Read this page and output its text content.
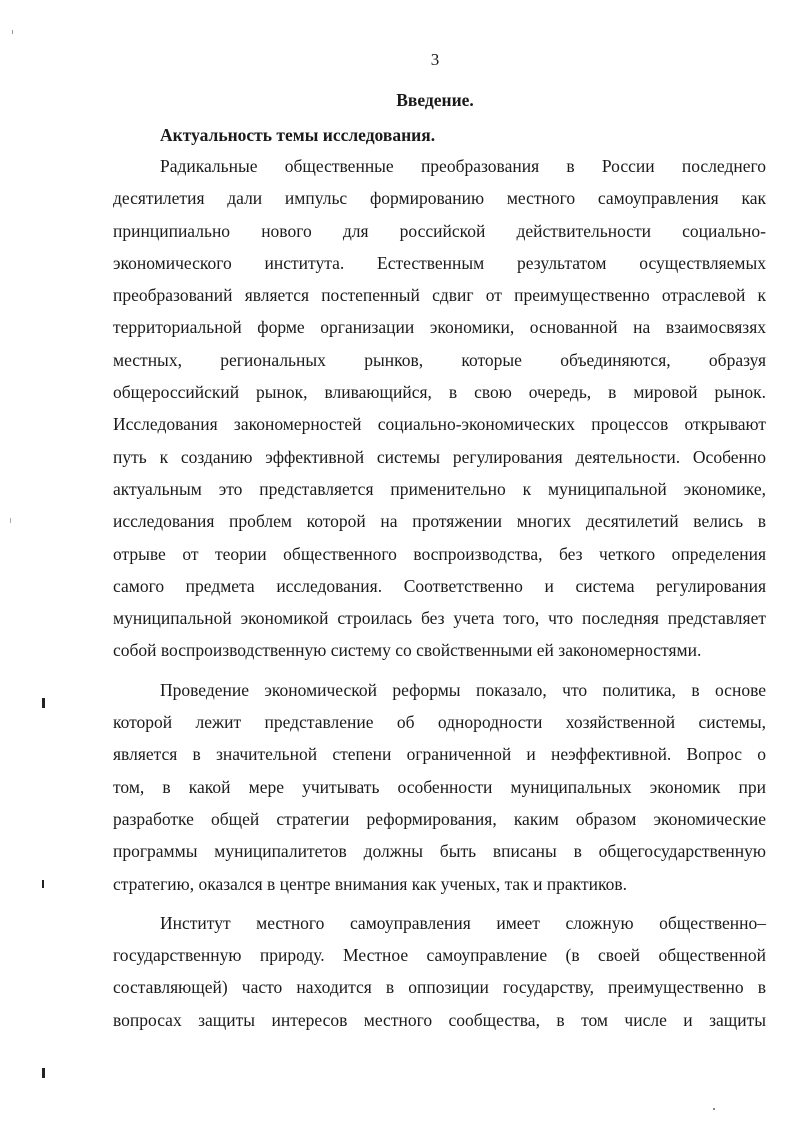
3
Введение.
Актуальность темы исследования.
Радикальные общественные преобразования в России последнего
десятилетия дали импульс формированию местного самоуправления как
принципиально нового для российской действительности социально-
экономического института. Естественным результатом осуществляемых
преобразований является постепенный сдвиг от преимущественно отраслевой к
территориальной форме организации экономики, основанной на взаимосвязях
местных, региональных рынков, которые объединяются, образуя
общероссийский рынок, вливающийся, в свою очередь, в мировой рынок.
Исследования закономерностей социально-экономических процессов открывают
путь к созданию эффективной системы регулирования деятельности. Особенно
актуальным это представляется применительно к муниципальной экономике,
исследования проблем которой на протяжении многих десятилетий велись в
отрыве от теории общественного воспроизводства, без четкого определения
самого предмета исследования. Соответственно и система регулирования
муниципальной экономикой строилась без учета того, что последняя представляет
собой воспроизводственную систему со свойственными ей закономерностями.
Проведение экономической реформы показало, что политика, в основе
которой лежит представление об однородности хозяйственной системы,
является в значительной степени ограниченной и неэффективной. Вопрос о
том, в какой мере учитывать особенности муниципальных экономик при
разработке общей стратегии реформирования, каким образом экономические
программы муниципалитетов должны быть вписаны в общегосударственную
стратегию, оказался в центре внимания как ученых, так и практиков.
Институт местного самоуправления имеет сложную общественно–
государственную природу. Местное самоуправление (в своей общественной
составляющей) часто находится в оппозиции государству, преимущественно в
вопросах защиты интересов местного сообщества, в том числе и защиты
